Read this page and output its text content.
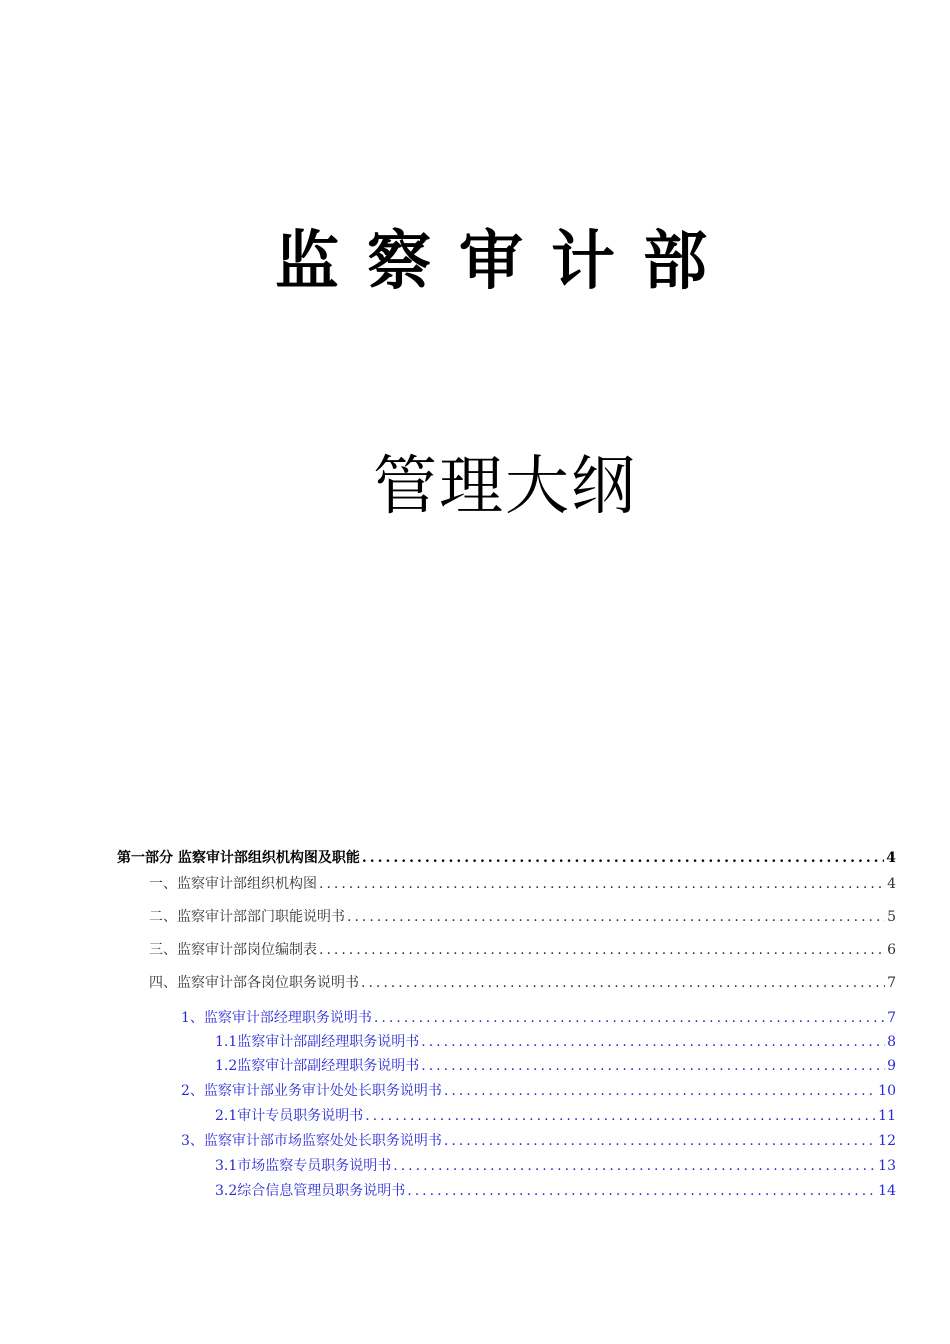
监察审计部
管理大纲
第一部分 监察审计部组织机构图及职能 .....	4
一、监察审计部组织机构图 .....	4
二、监察审计部部门职能说明书 .....	5
三、监察审计部岗位编制表 .....	6
四、监察审计部各岗位职务说明书 .....	7
1、监察审计部经理职务说明书 .....	7
1.1监察审计部副经理职务说明书 .....	8
1.2监察审计部副经理职务说明书 .....	9
2、监察审计部业务审计处处长职务说明书 .....	10
2.1审计专员职务说明书 .....	11
3、监察审计部市场监察处处长职务说明书 .....	12
3.1市场监察专员职务说明书 .....	13
3.2综合信息管理员职务说明书 .....	14
